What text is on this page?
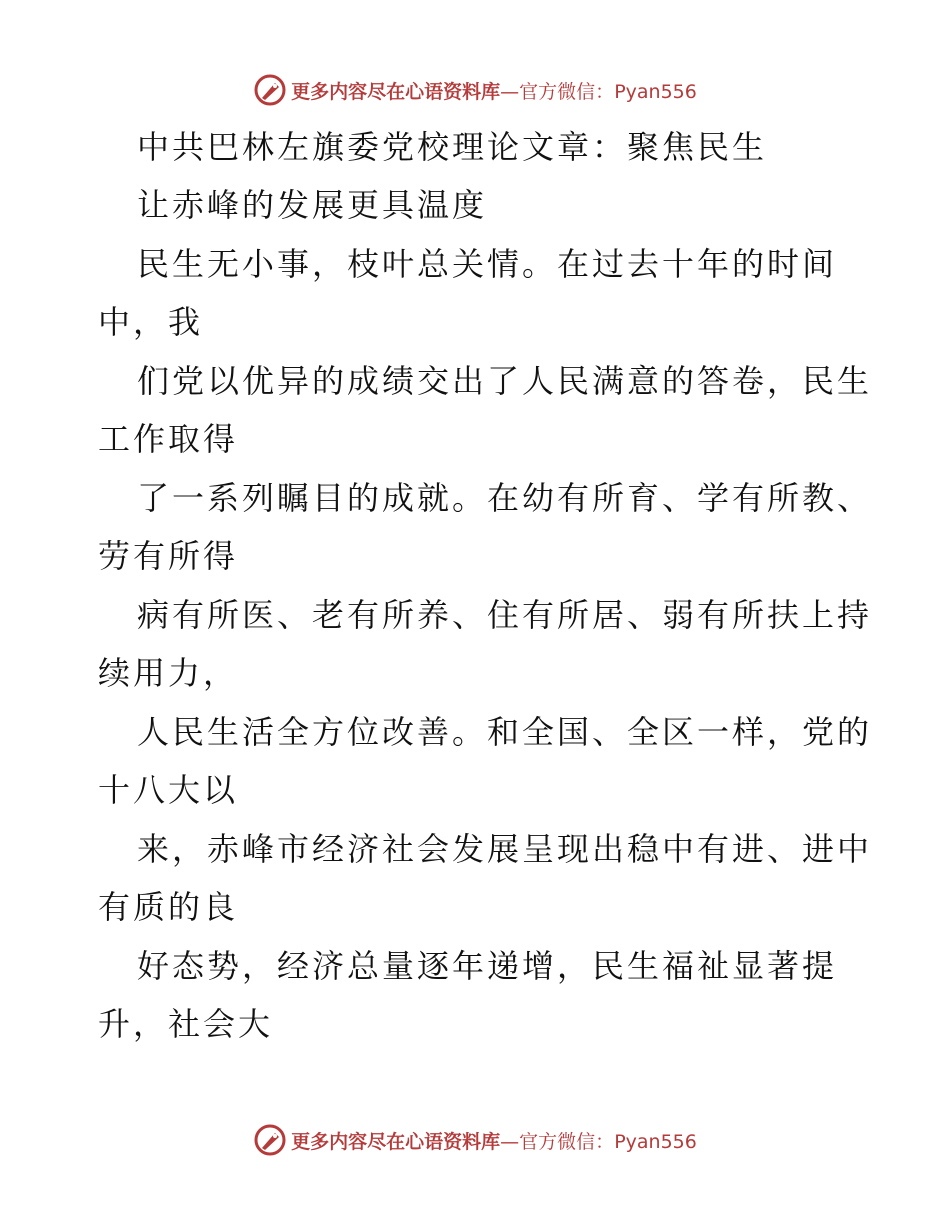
更多内容尽在心语资料库—官方微信：Pyan556
中共巴林左旗委党校理论文章：聚焦民生
让赤峰的发展更具温度
民生无小事，枝叶总关情。在过去十年的时间
中，我
们党以优异的成绩交出了人民满意的答卷，民生
工作取得
了一系列瞩目的成就。在幼有所育、学有所教、
劳有所得
病有所医、老有所养、住有所居、弱有所扶上持
续用力，
人民生活全方位改善。和全国、全区一样，党的
十八大以
来，赤峰市经济社会发展呈现出稳中有进、进中
有质的良
好态势，经济总量逐年递增，民生福祉显著提
升，社会大
更多内容尽在心语资料库—官方微信：Pyan556
